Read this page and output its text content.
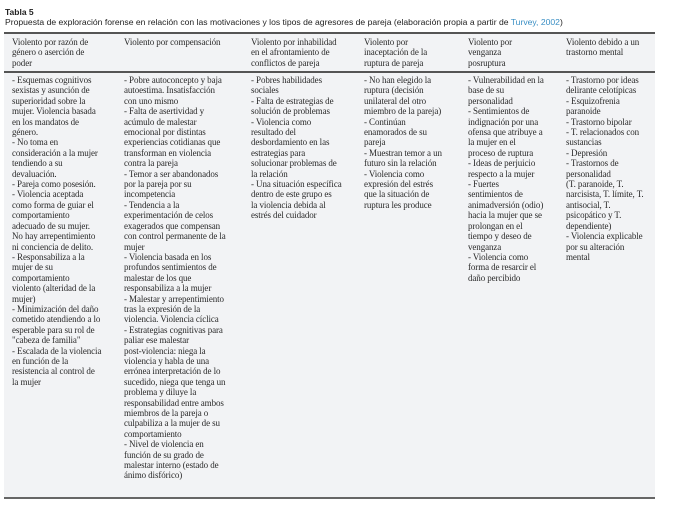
Tabla 5
Propuesta de exploración forense en relación con las motivaciones y los tipos de agresores de pareja (elaboración propia a partir de Turvey, 2002)
Violento por razón de
género o aserción de
poder
Violento por compensación	Violento por inhabilidad
en el afrontamiento de
conflictos de pareja
Violento por
inaceptación de la
ruptura de pareja
Violento por
venganza
posruptura
Violento debido a un
trastorno mental
- Esquemas cognitivos
sexistas y asunción de
superioridad sobre la
mujer. Violencia basada
en los mandatos de
género.
- No toma en
consideración a la mujer
tendiendo a su
devaluación.
- Pareja como posesión.
- Violencia aceptada
como forma de guiar el
comportamiento
adecuado de su mujer.
No hay arrepentimiento
ni conciencia de delito.
- Responsabiliza a la
mujer de su
comportamiento
violento (alteridad de la
mujer)
- Minimización del daño
cometido atendiendo a lo
esperable para su rol de
"cabeza de familia"
- Escalada de la violencia
en función de la
resistencia al control de
la mujer
- Pobre autoconcepto y baja
autoestima. Insatisfacción
con uno mismo
- Falta de asertividad y
acúmulo de malestar
emocional por distintas
experiencias cotidianas que
transforman en violencia
contra la pareja
- Temor a ser abandonados
por la pareja por su
incompetencia
- Tendencia a la
experimentación de celos
exagerados que compensan
con control permanente de la
mujer
- Violencia basada en los
profundos sentimientos de
malestar de los que
responsabiliza a la mujer
- Malestar y arrepentimiento
tras la expresión de la
violencia. Violencia cíclica
- Estrategias cognitivas para
paliar ese malestar
post-violencia: niega la
violencia y habla de una
errónea interpretación de lo
sucedido, niega que tenga un
problema y diluye la
responsabilidad entre ambos
miembros de la pareja o
culpabiliza a la mujer de su
comportamiento
- Nivel de violencia en
función de su grado de
malestar interno (estado de
ánimo disfórico)
- Pobres habilidades
sociales
- Falta de estrategias de
solución de problemas
- Violencia como
resultado del
desbordamiento en las
estrategias para
solucionar problemas de
la relación
- Una situación específica
dentro de este grupo es
la violencia debida al
estrés del cuidador
- No han elegido la
ruptura (decisión
unilateral del otro
miembro de la pareja)
- Continúan
enamorados de su
pareja
- Muestran temor a un
futuro sin la relación
- Violencia como
expresión del estrés
que la situación de
ruptura les produce
- Vulnerabilidad en la
base de su
personalidad
- Sentimientos de
indignación por una
ofensa que atribuye a
la mujer en el
proceso de ruptura
- Ideas de perjuicio
respecto a la mujer
- Fuertes
sentimientos de
animadversión (odio)
hacia la mujer que se
prolongan en el
tiempo y deseo de
venganza
- Violencia como
forma de resarcir el
daño percibido
- Trastorno por ideas
delirante celotípicas
- Esquizofrenia
paranoide
- Trastorno bipolar
- T. relacionados con
sustancias
- Depresión
- Trastornos de
personalidad
(T. paranoide, T.
narcisista, T. límite, T.
antisocial, T.
psicopático y T.
dependiente)
- Violencia explicable
por su alteración
mental
